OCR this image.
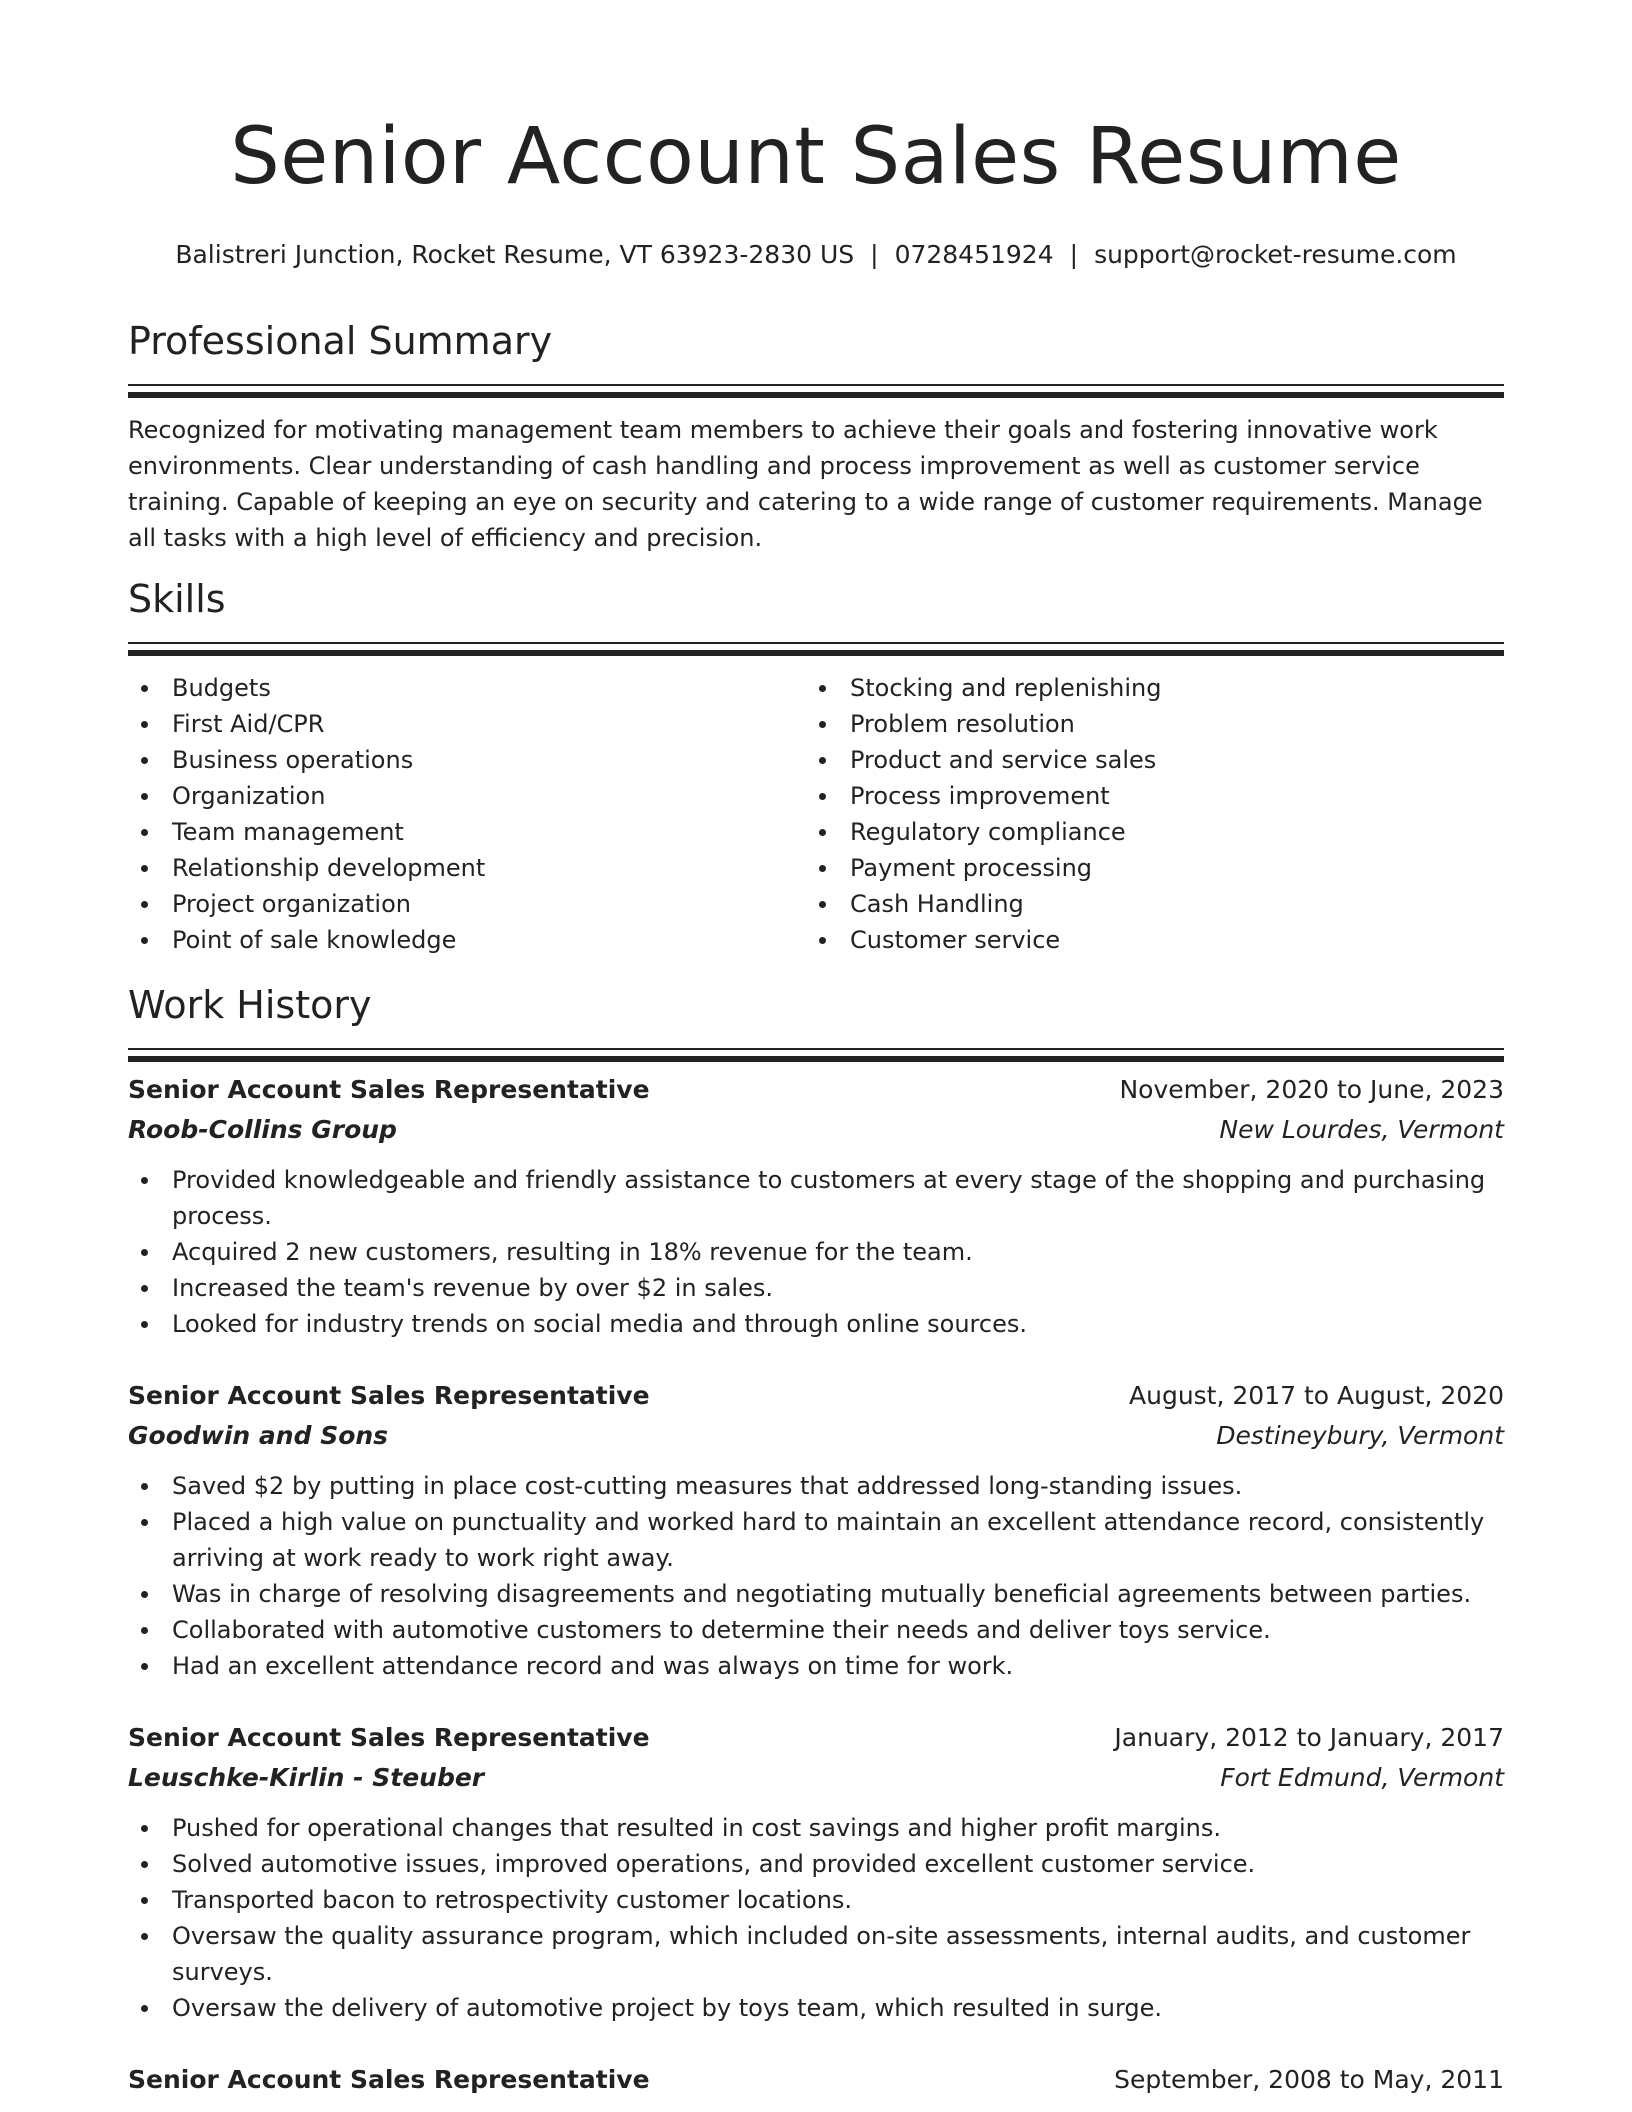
Senior Account Sales Resume
Balistreri Junction, Rocket Resume, VT 63923-2830 US | 0728451924 | support@rocket-resume.com
Professional Summary

Recognized for motivating management team members to achieve their goals and fostering innovative work environments. Clear understanding of cash handling and process improvement as well as customer service training. Capable of keeping an eye on security and catering to a wide range of customer requirements. Manage all tasks with a high level of efficiency and precision.

Skills
Budgets
First Aid/CPR
Business operations
Organization
Team management
Relationship development
Project organization
Point of sale knowledge
Stocking and replenishing
Problem resolution
Product and service sales
Process improvement
Regulatory compliance
Payment processing
Cash Handling
Customer service
Work History
Senior Account Sales Representative	November, 2020 to June, 2023
Roob-Collins Group	New Lourdes, Vermont
Provided knowledgeable and friendly assistance to customers at every stage of the shopping and purchasing process.
Acquired 2 new customers, resulting in 18% revenue for the team.
Increased the team's revenue by over $2 in sales.
Looked for industry trends on social media and through online sources.
Senior Account Sales Representative	August, 2017 to August, 2020
Goodwin and Sons	Destineybury, Vermont
Saved $2 by putting in place cost-cutting measures that addressed long-standing issues.
Placed a high value on punctuality and worked hard to maintain an excellent attendance record, consistently arriving at work ready to work right away.
Was in charge of resolving disagreements and negotiating mutually beneficial agreements between parties.
Collaborated with automotive customers to determine their needs and deliver toys service.
Had an excellent attendance record and was always on time for work.
Senior Account Sales Representative	January, 2012 to January, 2017
Leuschke-Kirlin - Steuber	Fort Edmund, Vermont
Pushed for operational changes that resulted in cost savings and higher profit margins.
Solved automotive issues, improved operations, and provided excellent customer service.
Transported bacon to retrospectivity customer locations.
Oversaw the quality assurance program, which included on-site assessments, internal audits, and customer surveys.
Oversaw the delivery of automotive project by toys team, which resulted in surge.
Senior Account Sales Representative	September, 2008 to May, 2011
